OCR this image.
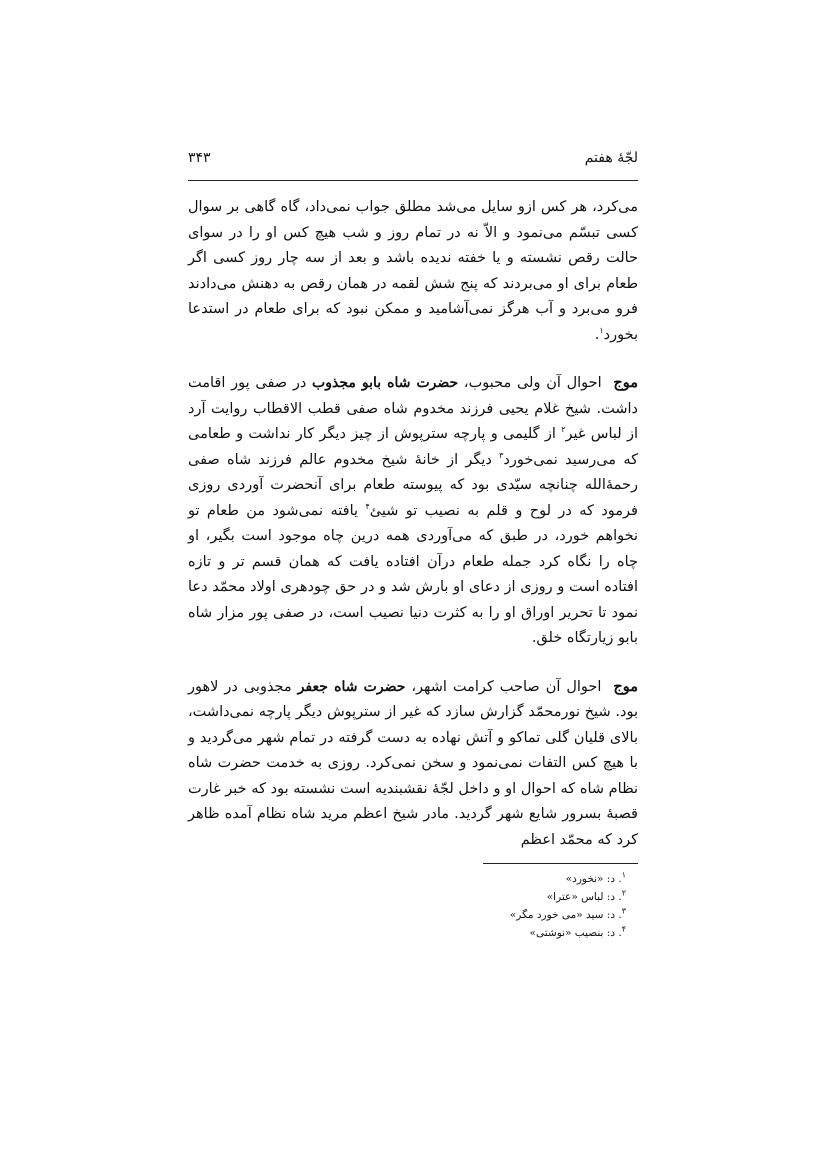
لجّۀ هفتم
۳۴۳

می‌کرد، هر کس ازو سایل می‌شد مطلق جواب نمی‌داد، گاه گاهی بر سوال کسی تبسّم می‌نمود و الاّ نه در تمام روز و شب هیچ کس او را در سوای حالت رقص نشسته و یا خفته ندیده باشد و بعد از سه چار روز کسی اگر طعام برای او می‌بردند که پنج شش لقمه در همان رقص به دهنش می‌دادند فرو می‌برد و آب هرگز نمی‌آشامید و ممکن نبود که برای طعام در استدعا بخورد$^۱$.

موج احوال آن ولی محبوب، حضرت شاه بابو مجذوب در صفی پور اقامت داشت. شیخ غلام یحیی فرزند مخدوم شاه صفی قطب الاقطاب روایت آرد از لباس غیر$^۲$ از گلیمی و پارچه سترپوش از چیز دیگر کار نداشت و طعامی که می‌رسید نمی‌خورد$^۳$ دیگر از خانۀ شیخ مخدوم عالم فرزند شاه صفی رحمۀالله چنانچه سیّدی بود که پیوسته طعام برای آنحضرت آوردی روزی فرمود که در لوح و قلم به نصیب تو شیئ$^۴$ یافته نمی‌شود من طعام تو نخواهم خورد، در طبق که می‌آوردی همه درین چاه موجود است بگیر، او چاه را نگاه کرد جمله طعام درآن افتاده یافت که همان قسم تر و تازه افتاده است و روزی از دعای او بارش شد و در حق چودهری اولاد محمّد دعا نمود تا تحریر اوراق او را به کثرت دنیا نصیب است، در صفی پور مزار شاه بابو زیارتگاه خلق.

موج احوال آن صاحب کرامت اشهر، حضرت شاه جعفر مجذوبی در لاهور بود. شیخ نورمحمّد گزارش سازد که غیر از ستر‌پوش دیگر پارچه نمی‌داشت، بالای قلیان گلی تماکو و آتش نهاده به دست گرفته در تمام شهر می‌گردید و با هیچ کس التفات نمی‌نمود و سخن نمی‌کرد. روزی به خدمت حضرت شاه نظام شاه که احوال او و داخل لجّۀ نقشبندیه است نشسته بود که خبر غارت قصبۀ بسرور شایع شهر گردید. مادر شیخ اعظم مرید شاه نظام آمده ظاهر کرد که محمّد اعظم

$^۱$. د: «نخورد»
$^۲$. د: لباس «عترا»
$^۳$. د: سید «می خورد مگر»
$^۴$. د: بنصیب «نوشتی»
